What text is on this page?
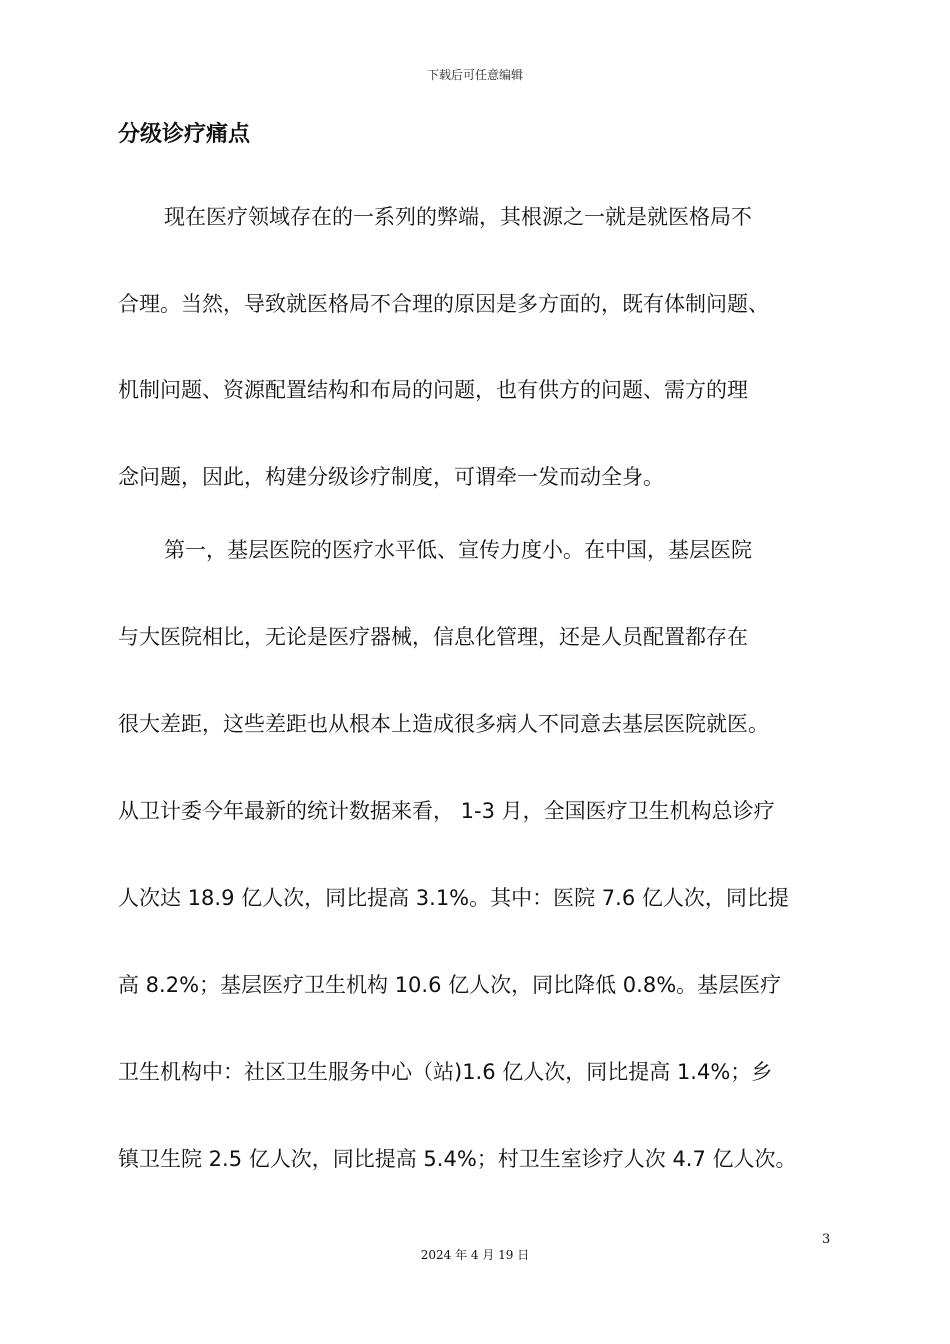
下载后可任意编辑
分级诊疗痛点
现在医疗领域存在的一系列的弊端，其根源之一就是就医格局不
合理。当然，导致就医格局不合理的原因是多方面的，既有体制问题、
机制问题、资源配置结构和布局的问题，也有供方的问题、需方的理
念问题，因此，构建分级诊疗制度，可谓牵一发而动全身。
第一，基层医院的医疗水平低、宣传力度小。在中国，基层医院
与大医院相比，无论是医疗器械，信息化管理，还是人员配置都存在
很大差距，这些差距也从根本上造成很多病人不同意去基层医院就医。
从卫计委今年最新的统计数据来看， 1-3 月，全国医疗卫生机构总诊疗
人次达 18.9 亿人次，同比提高 3.1%。其中：医院 7.6 亿人次，同比提
高 8.2%；基层医疗卫生机构 10.6 亿人次，同比降低 0.8%。基层医疗
卫生机构中：社区卫生服务中心（站)1.6 亿人次，同比提高 1.4%；乡
镇卫生院 2.5 亿人次，同比提高 5.4%；村卫生室诊疗人次 4.7 亿人次。
3
2024 年 4 月 19 日
